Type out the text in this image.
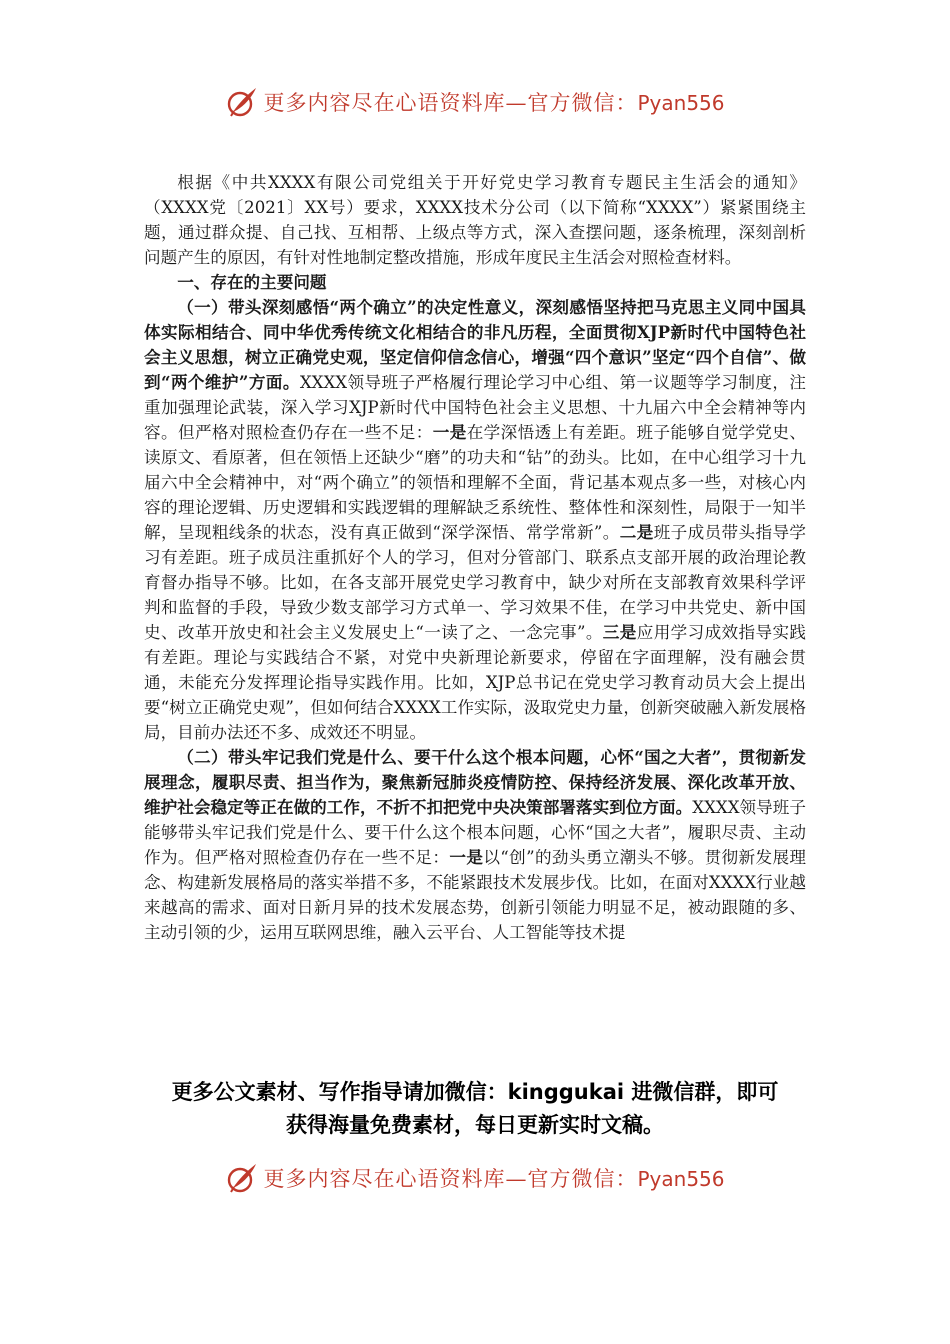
更多内容尽在心语资料库—官方微信：Pyan556

根据《中共XXXX有限公司党组关于开好党史学习教育专题民主生活会的通知》（XXXX党〔2021〕XX号）要求，XXXX技术分公司（以下简称“XXXX”）紧紧围绕主题，通过群众提、自己找、互相帮、上级点等方式，深入查摆问题，逐条梳理，深刻剖析问题产生的原因，有针对性地制定整改措施，形成年度民主生活会对照检查材料。

一、存在的主要问题

（一）带头深刻感悟“两个确立”的决定性意义，深刻感悟坚持把马克思主义同中国具体实际相结合、同中华优秀传统文化相结合的非凡历程，全面贯彻XJP新时代中国特色社会主义思想，树立正确党史观，坚定信仰信念信心，增强“四个意识”坚定“四个自信”、做到“两个维护”方面。XXXX领导班子严格履行理论学习中心组、第一议题等学习制度，注重加强理论武装，深入学习XJP新时代中国特色社会主义思想、十九届六中全会精神等内容。但严格对照检查仍存在一些不足：一是在学深悟透上有差距。班子能够自觉学党史、读原文、看原著，但在领悟上还缺少“磨”的功夫和“钻”的劲头。比如，在中心组学习十九届六中全会精神中，对“两个确立”的领悟和理解不全面，背记基本观点多一些，对核心内容的理论逻辑、历史逻辑和实践逻辑的理解缺乏系统性、整体性和深刻性，局限于一知半解，呈现粗线条的状态，没有真正做到“深学深悟、常学常新”。二是班子成员带头指导学习有差距。班子成员注重抓好个人的学习，但对分管部门、联系点支部开展的政治理论教育督办指导不够。比如，在各支部开展党史学习教育中，缺少对所在支部教育效果科学评判和监督的手段，导致少数支部学习方式单一、学习效果不佳，在学习中共党史、新中国史、改革开放史和社会主义发展史上“一读了之、一念完事”。三是应用学习成效指导实践有差距。理论与实践结合不紧，对党中央新理论新要求，停留在字面理解，没有融会贯通，未能充分发挥理论指导实践作用。比如，XJP总书记在党史学习教育动员大会上提出要“树立正确党史观”，但如何结合XXXX工作实际，汲取党史力量，创新突破融入新发展格局，目前办法还不多、成效还不明显。

（二）带头牢记我们党是什么、要干什么这个根本问题，心怀“国之大者”，贯彻新发展理念，履职尽责、担当作为，聚焦新冠肺炎疫情防控、保持经济发展、深化改革开放、维护社会稳定等正在做的工作，不折不扣把党中央决策部署落实到位方面。XXXX领导班子能够带头牢记我们党是什么、要干什么这个根本问题，心怀“国之大者”，履职尽责、主动作为。但严格对照检查仍存在一些不足：一是以“创”的劲头勇立潮头不够。贯彻新发展理念、构建新发展格局的落实举措不多，不能紧跟技术发展步伐。比如，在面对XXXX行业越来越高的需求、面对日新月异的技术发展态势，创新引领能力明显不足，被动跟随的多、主动引领的少，运用互联网思维，融入云平台、人工智能等技术提

更多公文素材、写作指导请加微信：kinggukai 进微信群，即可
获得海量免费素材，每日更新实时文稿。
更多内容尽在心语资料库—官方微信：Pyan556
